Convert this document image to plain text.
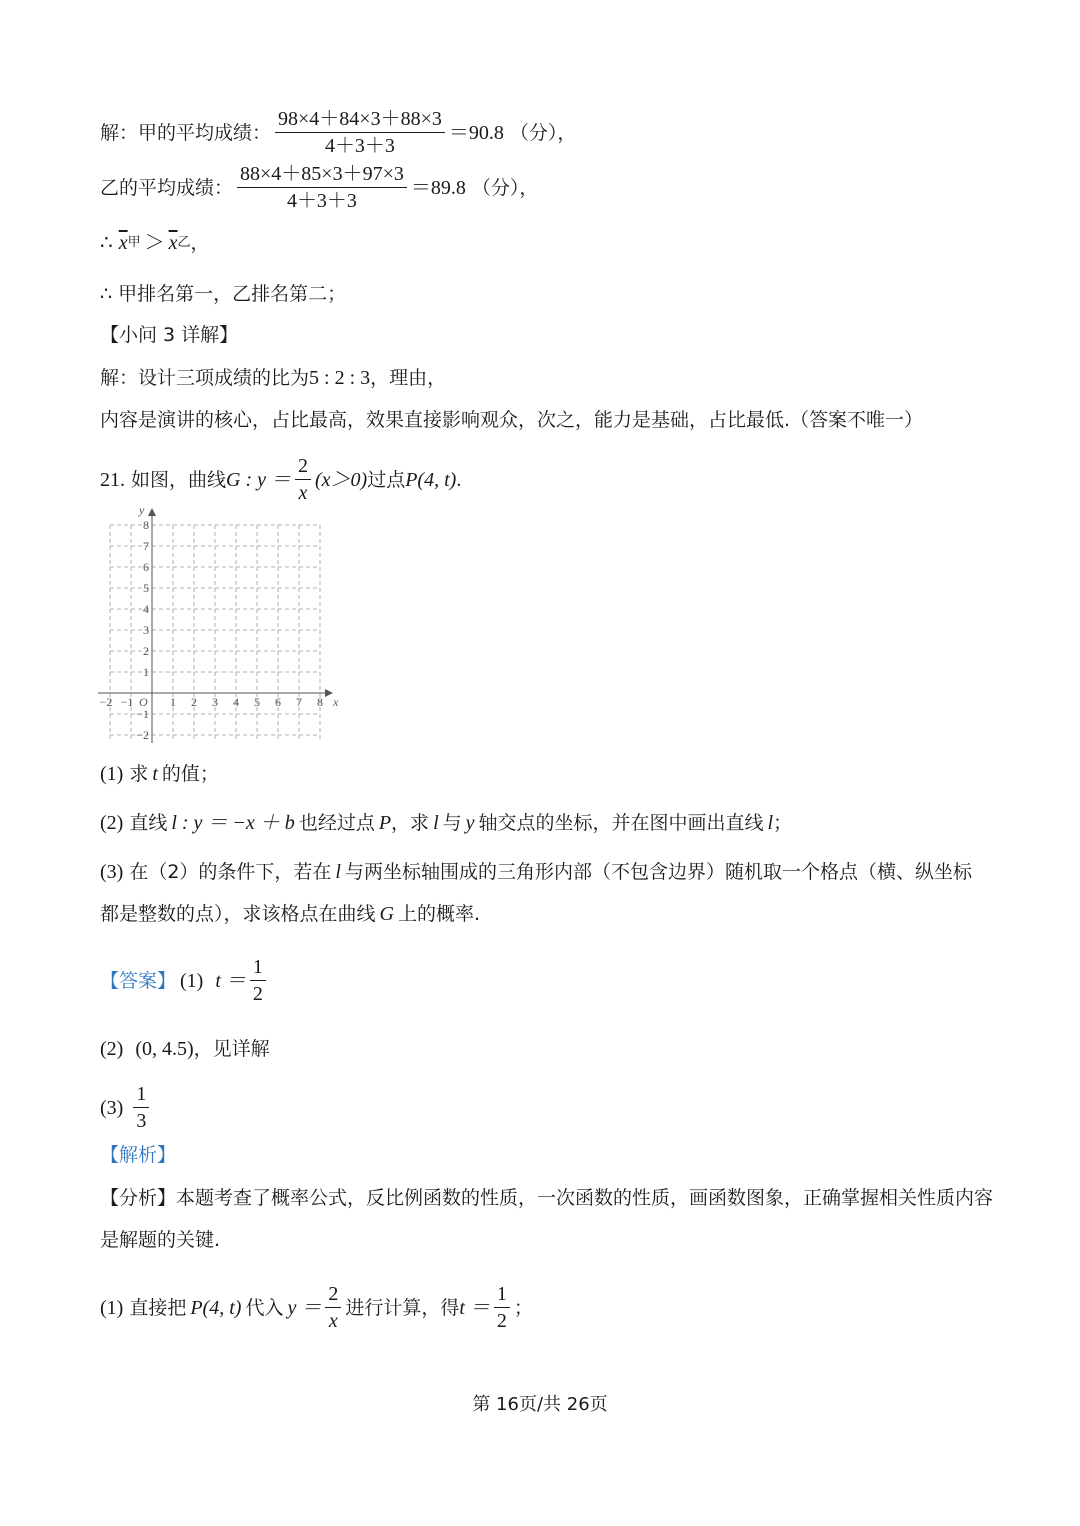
解：甲的平均成绩： $\frac{98\times 4+84\times 3+88\times 3}{4+3+3} =90.8$ （分），
乙的平均成绩： $\frac{88\times 4+85\times 3+97\times 3}{4+3+3} =89.8$ （分），
∴ $\overline{x}$ 甲 ＞ $\overline{x}$ 乙 ，
∴ 甲排名第一，乙排名第二；
【小问 3 详解】
解：设计三项成绩的比为 5 : 2 : 3 ，理由，
内容是演讲的核心，占比最高，效果直接影响观众，次之，能力是基础，占比最低.（答案不唯一）
21. 如图，曲线 G : $y = \frac{2}{x} (x>0)$ 过点 P(4, t) .
x
y
O
−2 −1	1 2 3 4 5 6 7 8
8
7
6
5
4
3
2
1
−1
−2
(1) 求 t 的值；
(2) 直线 l : y ＝ −x ＋ b 也经过点 P ，求 l 与 y 轴交点的坐标，并在图中画出直线 l ；
(3) 在（2）的条件下，若在 l 与两坐标轴围成的三角形内部（不包含边界）随机取一个格点（横、纵坐标
都是整数的点），求该格点在曲线 G 上的概率.
【答案】 (1) $t = \frac{1}{2}$
(2) (0, 4.5) ，见详解
$(3) \frac{1}{3}$
【解析】
【分析】本题考查了概率公式，反比例函数的性质，一次函数的性质，画函数图象，正确掌握相关性质内容
是解题的关键.
(1) 直接把 P(4, t) 代入 $y = \frac{2}{x}$ 进行计算，得 $t = \frac{1}{2}$ ；
第 16页/共 26页
